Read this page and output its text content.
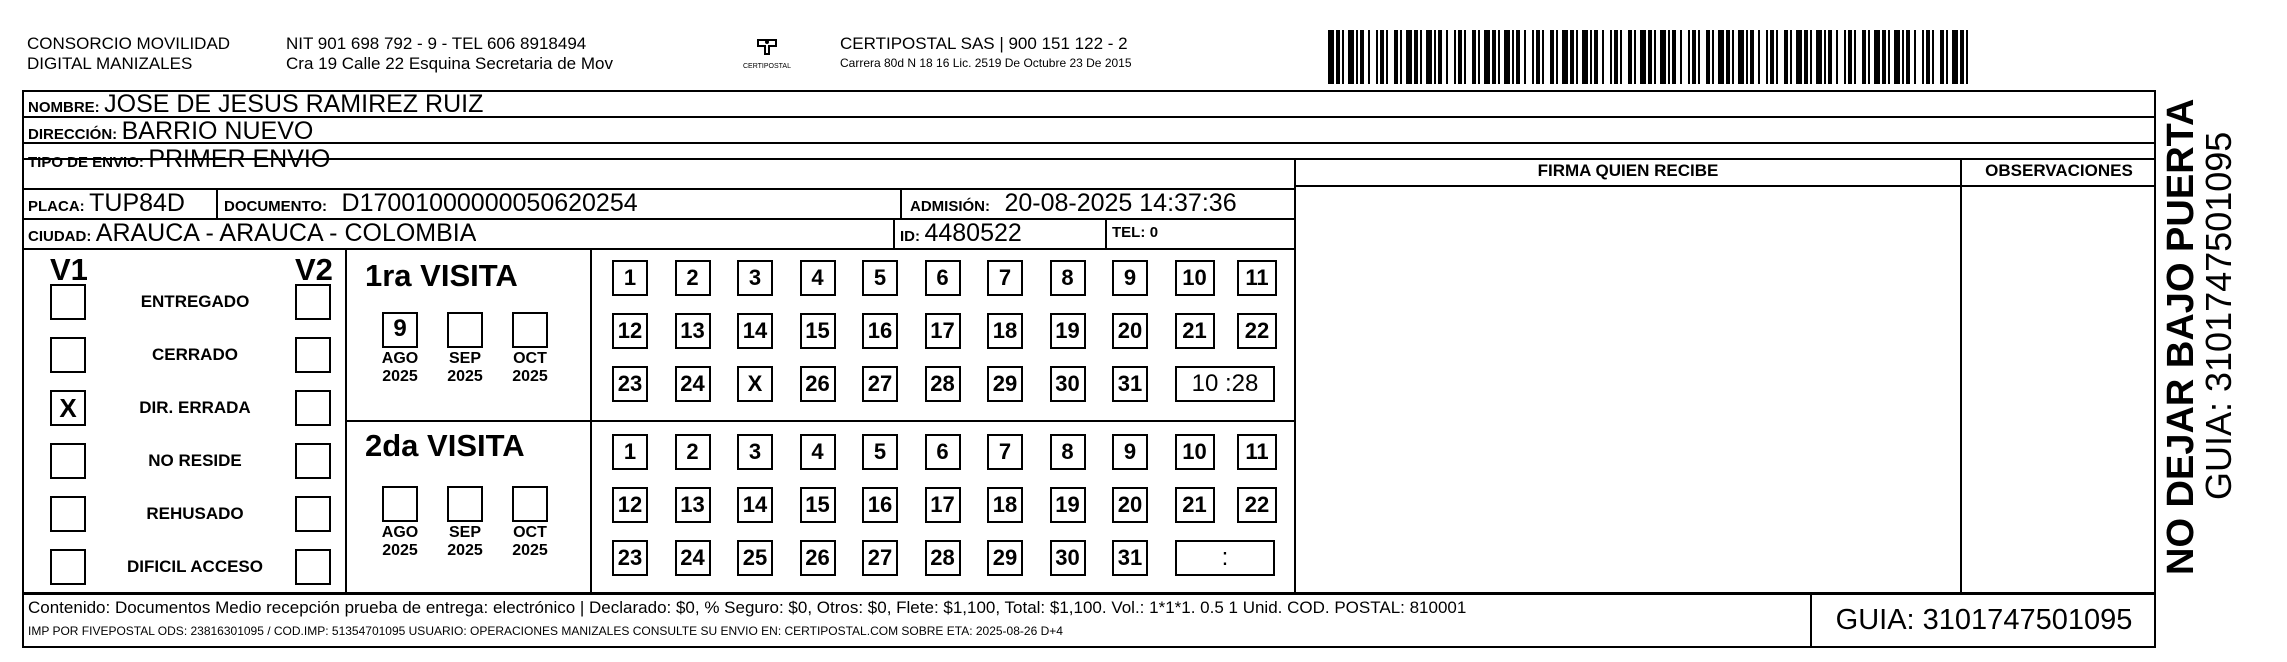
CONSORCIO MOVILIDAD
DIGITAL MANIZALES
NIT 901 698 792 - 9 - TEL 606 8918494
Cra 19 Calle 22 Esquina Secretaria de Mov	CERTIPOSTAL
CERTIPOSTAL SAS | 900 151 122 - 2
Carrera 80d N 18 16 Lic. 2519 De Octubre 23 De 2015
NOMBRE: JOSE DE JESUS RAMIREZ RUIZ
DIRECCIÓN: BARRIO NUEVO
TIPO DE ENVIO: PRIMER ENVIO
PLACA: TUP84D	DOCUMENTO: D17001000000050620254	ADMISIÓN: 20-08-2025 14:37:36
CIUDAD: ARAUCA - ARAUCA - COLOMBIA	ID: 4480522	TEL: 0
FIRMA QUIEN RECIBE	OBSERVACIONES
V1	V2 1ra VISITA
2da VISITA
Contenido: Documentos Medio recepción prueba de entrega: electrónico | Declarado: $0, % Seguro: $0, Otros: $0, Flete: $1,100, Total: $1,100. Vol.: 1*1*1. 0.5 1 Unid. COD. POSTAL: 810001
IMP POR FIVEPOSTAL ODS: 23816301095 / COD.IMP: 51354701095 USUARIO: OPERACIONES MANIZALES CONSULTE SU ENVIO EN: CERTIPOSTAL.COM SOBRE ETA: 2025-08-26 D+4	GUIA: 3101747501095
NO DEJAR BAJO PUERTA
GUIA: 3101747501095
ENTREGADO
CERRADO
X	DIR. ERRADA
NO RESIDE
REHUSADO
DIFICIL ACCESO
9
AGO
2025
SEP
2025
OCT
2025
1	2	3	4	5	6	7	8	9	10	11
12 13 14 15 16 17 18 19 20	21	22
23 24	X	26 27 28 29 30 31	10 :28
AGO
2025
SEP
2025
OCT
2025
1	2	3	4	5	6	7	8	9	10	11
12 13 14 15 16 17 18 19 20	21	22
23 24 25 26 27 28 29 30 31	:
